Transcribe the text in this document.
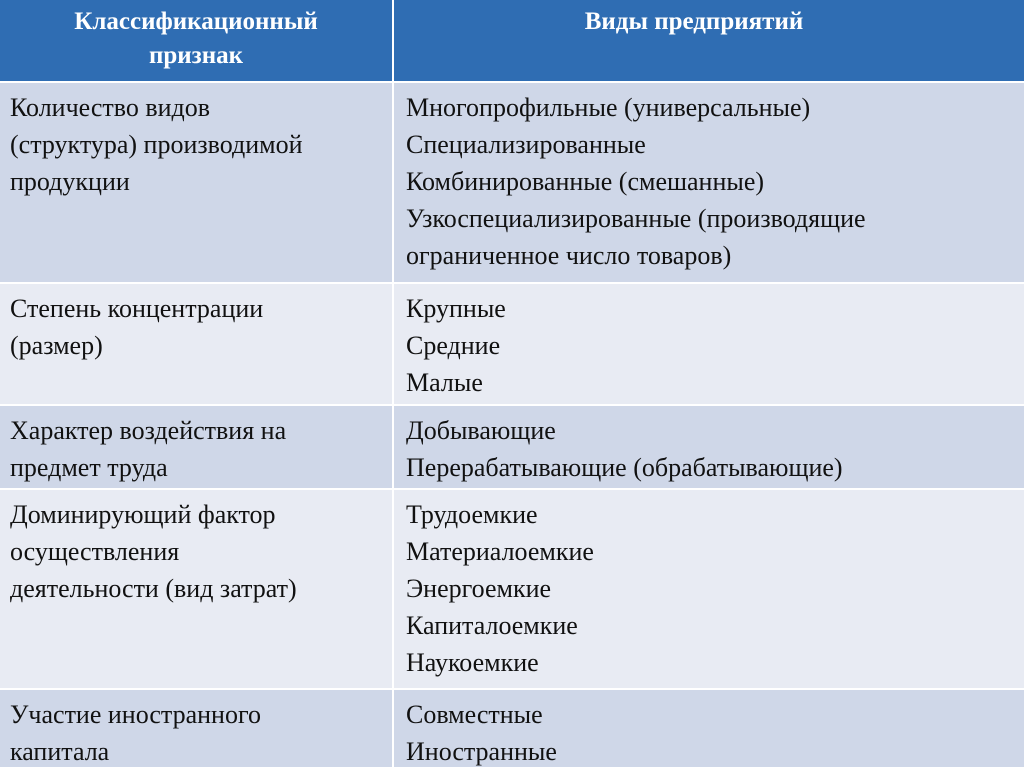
Классификационный
признак
Виды предприятий
Количество видов
(структура) производимой
продукции
Многопрофильные (универсальные)
Специализированные
Комбинированные (смешанные)
Узкоспециализированные (производящие
ограниченное число товаров)
Степень концентрации
(размер)
Крупные
Средние
Малые
Характер воздействия на
предмет труда
Добывающие
Перерабатывающие (обрабатывающие)
Доминирующий фактор
осуществления
деятельности (вид затрат)
Трудоемкие
Материалоемкие
Энергоемкие
Капиталоемкие
Наукоемкие
Участие иностранного
капитала
Совместные
Иностранные
